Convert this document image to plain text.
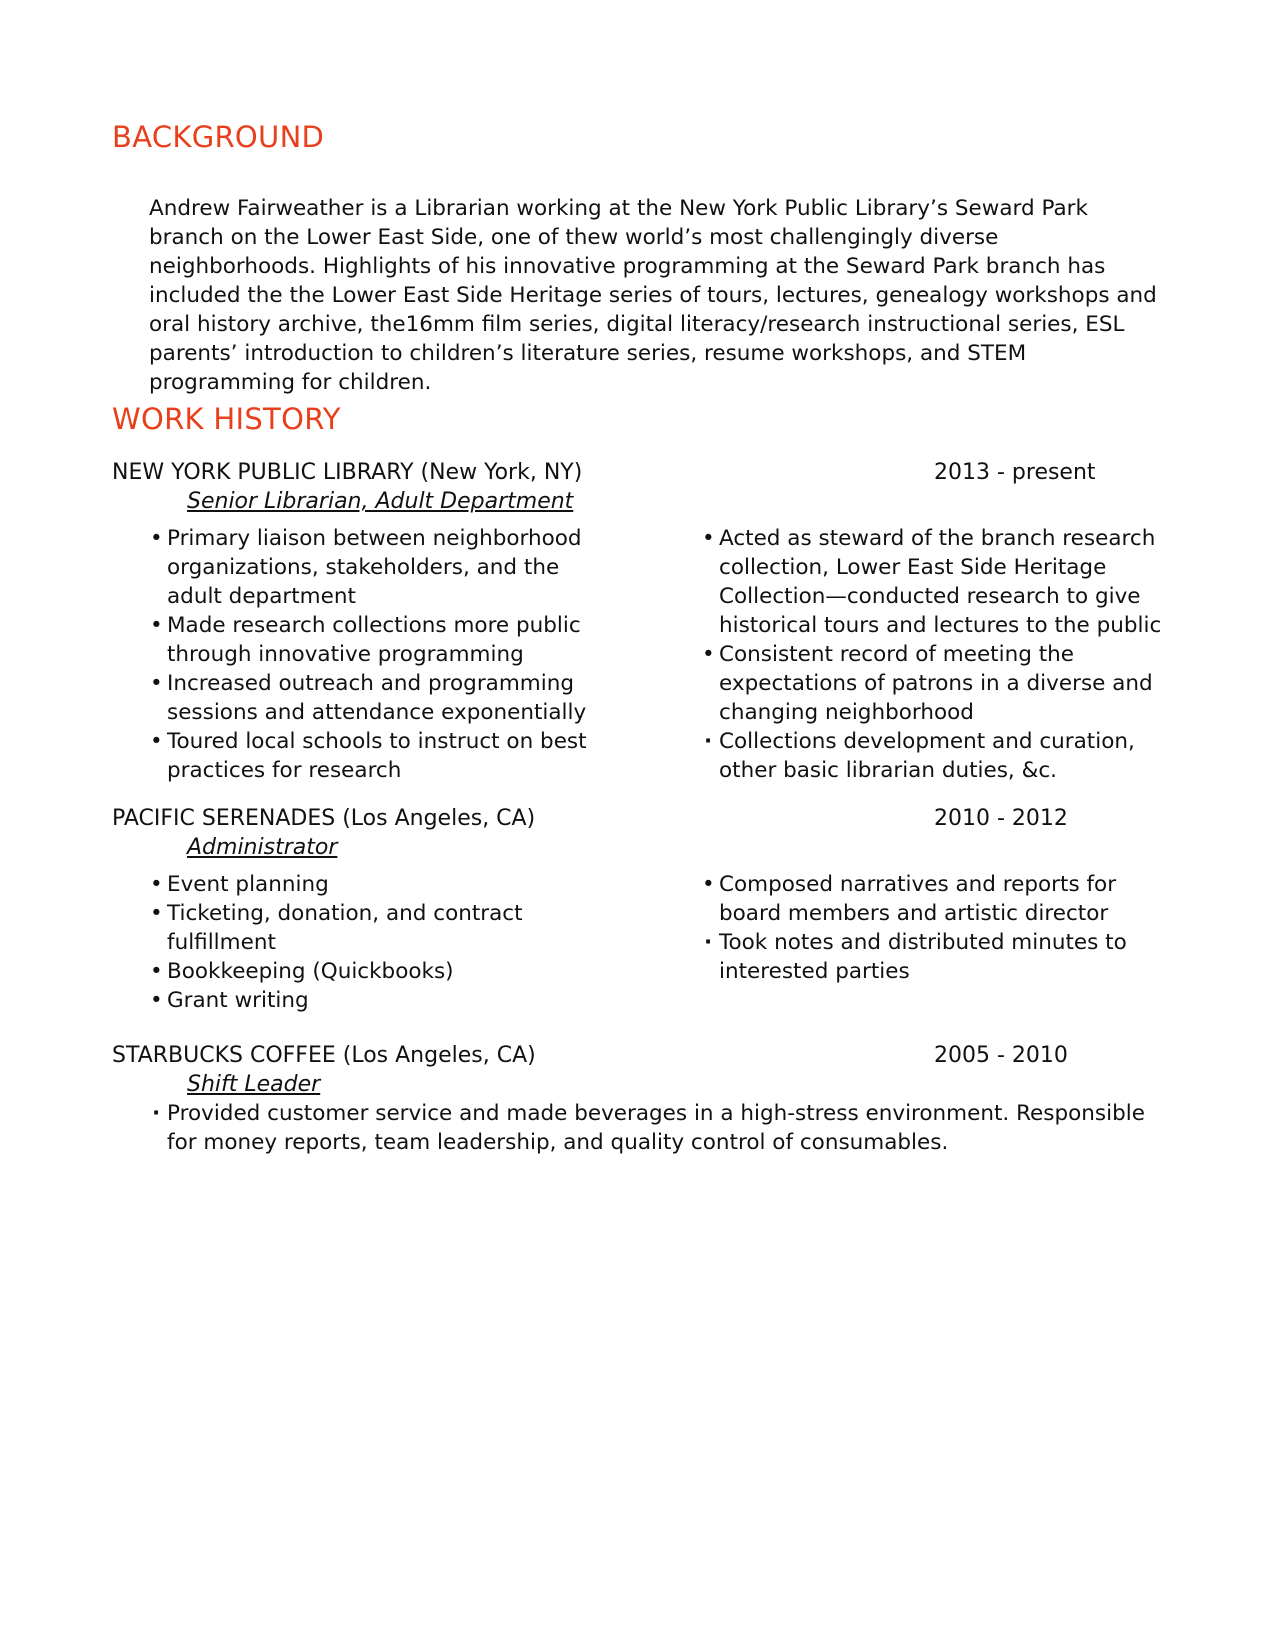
BACKGROUND

Andrew Fairweather is a Librarian working at the New York Public Library’s Seward Park branch on the Lower East Side, one of thew world’s most challengingly diverse neighborhoods. Highlights of his innovative programming at the Seward Park branch has included the the Lower East Side Heritage series of tours, lectures, genealogy workshops and oral history archive, the16mm film series, digital literacy/research instructional series, ESL parents’ introduction to children’s literature series, resume workshops, and STEM programming for children.

WORK HISTORY
NEW YORK PUBLIC LIBRARY (New York, NY)	2013 - present
Senior Librarian, Adult Department
• Primary liaison between neighborhood organizations, stakeholders, and the adult department
• Made research collections more public through innovative programming
• Increased outreach and programming sessions and attendance exponentially
• Toured local schools to instruct on best practices for research
• Acted as steward of the branch research collection, Lower East Side Heritage Collection—conducted research to give historical tours and lectures to the public
• Consistent record of meeting the expectations of patrons in a diverse and changing neighborhood
· Collections development and curation, other basic librarian duties, &c.
PACIFIC SERENADES (Los Angeles, CA)	2010 - 2012
Administrator
• Event planning
• Ticketing, donation, and contract fulfillment
• Bookkeeping (Quickbooks)
• Grant writing
• Composed narratives and reports for board members and artistic director
· Took notes and distributed minutes to interested parties
STARBUCKS COFFEE (Los Angeles, CA)	2005 - 2010
Shift Leader
· Provided customer service and made beverages in a high-stress environment. Responsible for money reports, team leadership, and quality control of consumables.
